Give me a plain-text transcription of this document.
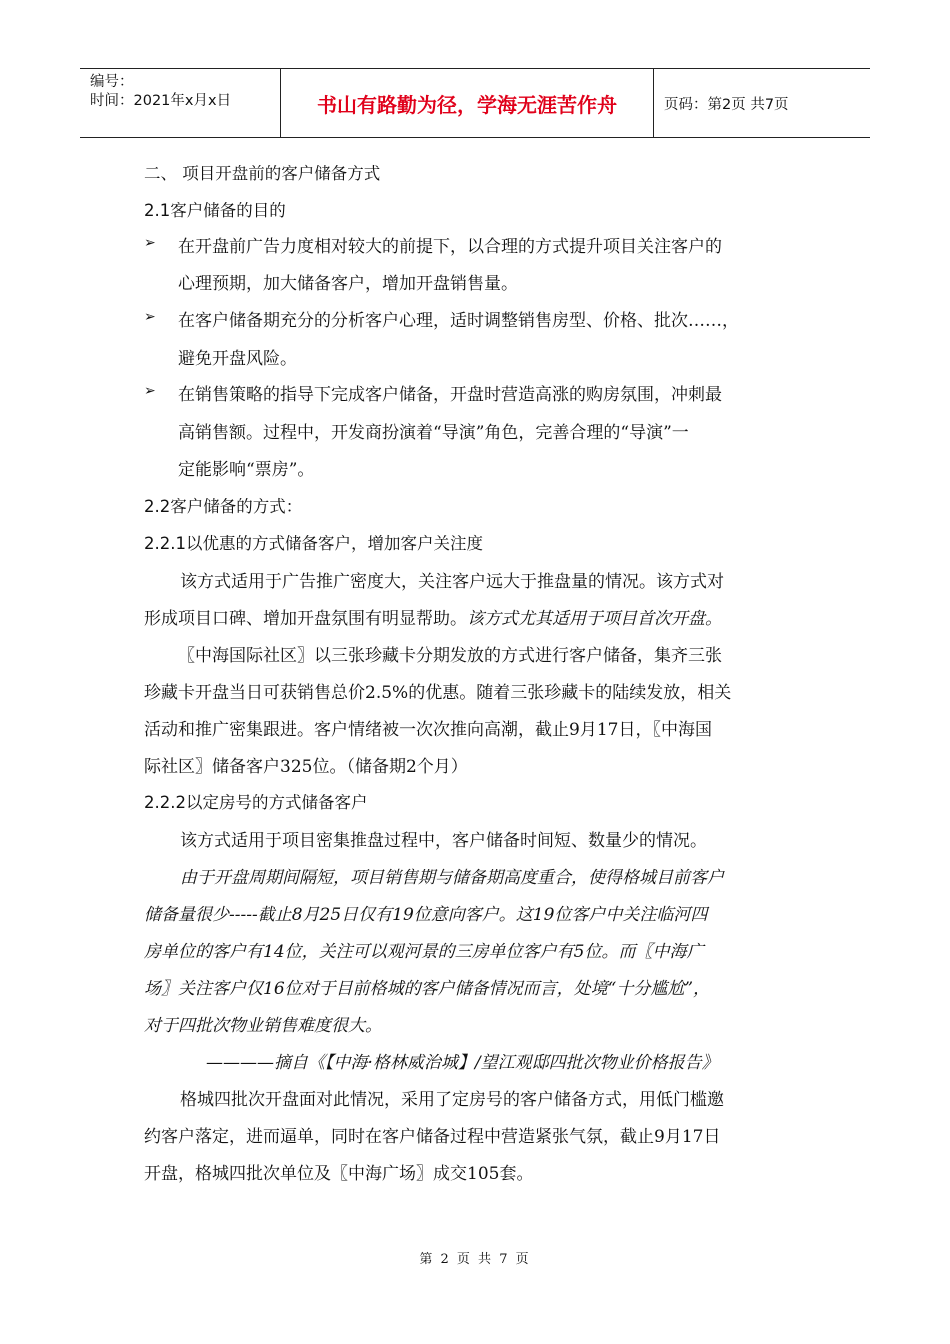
编号：
时间：2021年x月x日	书山有路勤为径，学海无涯苦作舟	页码：第2页 共7页
二、 项目开盘前的客户储备方式
2.1客户储备的目的
➢ 在开盘前广告力度相对较大的前提下，以合理的方式提升项目关注客户的
心理预期，加大储备客户，增加开盘销售量。
➢ 在客户储备期充分的分析客户心理，适时调整销售房型、价格、批次……，
避免开盘风险。
➢ 在销售策略的指导下完成客户储备，开盘时营造高涨的购房氛围，冲刺最
高销售额。过程中，开发商扮演着“导演”角色，完善合理的“导演”一
定能影响“票房”。
2.2客户储备的方式：
2.2.1以优惠的方式储备客户，增加客户关注度
该方式适用于广告推广密度大，关注客户远大于推盘量的情况。该方式对
形成项目口碑、增加开盘氛围有明显帮助。该方式尤其适用于项目首次开盘。
〖中海国际社区〗以三张珍藏卡分期发放的方式进行客户储备，集齐三张
珍藏卡开盘当日可获销售总价2.5%的优惠。随着三张珍藏卡的陆续发放，相关
活动和推广密集跟进。客户情绪被一次次推向高潮，截止9月17日，〖中海国
际社区〗储备客户325位。（储备期2个月）
2.2.2以定房号的方式储备客户
该方式适用于项目密集推盘过程中，客户储备时间短、数量少的情况。
由于开盘周期间隔短，项目销售期与储备期高度重合，使得格城目前客户
储备量很少-----截止8月25日仅有19位意向客户。这19位客户中关注临河四
房单位的客户有14位，关注可以观河景的三房单位客户有5位。而〖中海广
场〗关注客户仅16位对于目前格城的客户储备情况而言，处境“十分尴尬”，
对于四批次物业销售难度很大。
————摘自《【中海·格林威治城】/望江观邸四批次物业价格报告》
格城四批次开盘面对此情况，采用了定房号的客户储备方式，用低门槛邀
约客户落定，进而逼单，同时在客户储备过程中营造紧张气氛，截止9月17日
开盘，格城四批次单位及〖中海广场〗成交105套。
第 2 页 共 7 页
